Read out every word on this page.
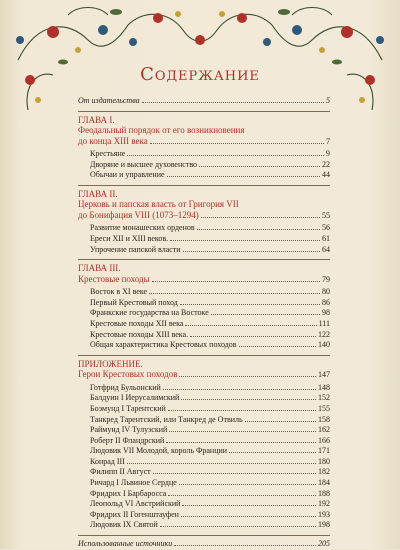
Содержание
От издательства	5
ГЛАВА I.
Феодальный порядок от его возникновения
до конца XIII века	7
Крестьяне	9
Дворяне и высшее духовенство	22
Обычаи и управление	44
ГЛАВА II.
Церковь и папская власть от Григория VII
до Бонифация VIII (1073–1294)	55
Развитие монашеских орденов	56
Ереси XII и XIII веков.	61
Упрочение папской власти	64
ГЛАВА III.
Крестовые походы	79
Восток в XI веке	80
Первый Крестовый поход	86
Франкские государства на Востоке	98
Крестовые походы XII века	111
Крестовые походы XIII века.	122
Общая характеристика Крестовых походов	140
ПРИЛОЖЕНИЕ.
Герои Крестовых походов	147
Готфрид Бульонский	148
Балдуин I Иерусалимский	152
Боэмунд I Тарентский	155
Танкред Тарентский, или Танкред де Отвиль	158
Раймунд IV Тулузский	162
Роберт II Фландрский	166
Людовик VII Молодой, король Франции	171
Конрад III	180
Филипп II Август	182
Ричард I Львиное Сердце	184
Фридрих I Барбаросса	188
Леопольд VI Австрийский	192
Фридрих II Гогенштауфен	193
Людовик IX Святой	198
Использованные источники	205
